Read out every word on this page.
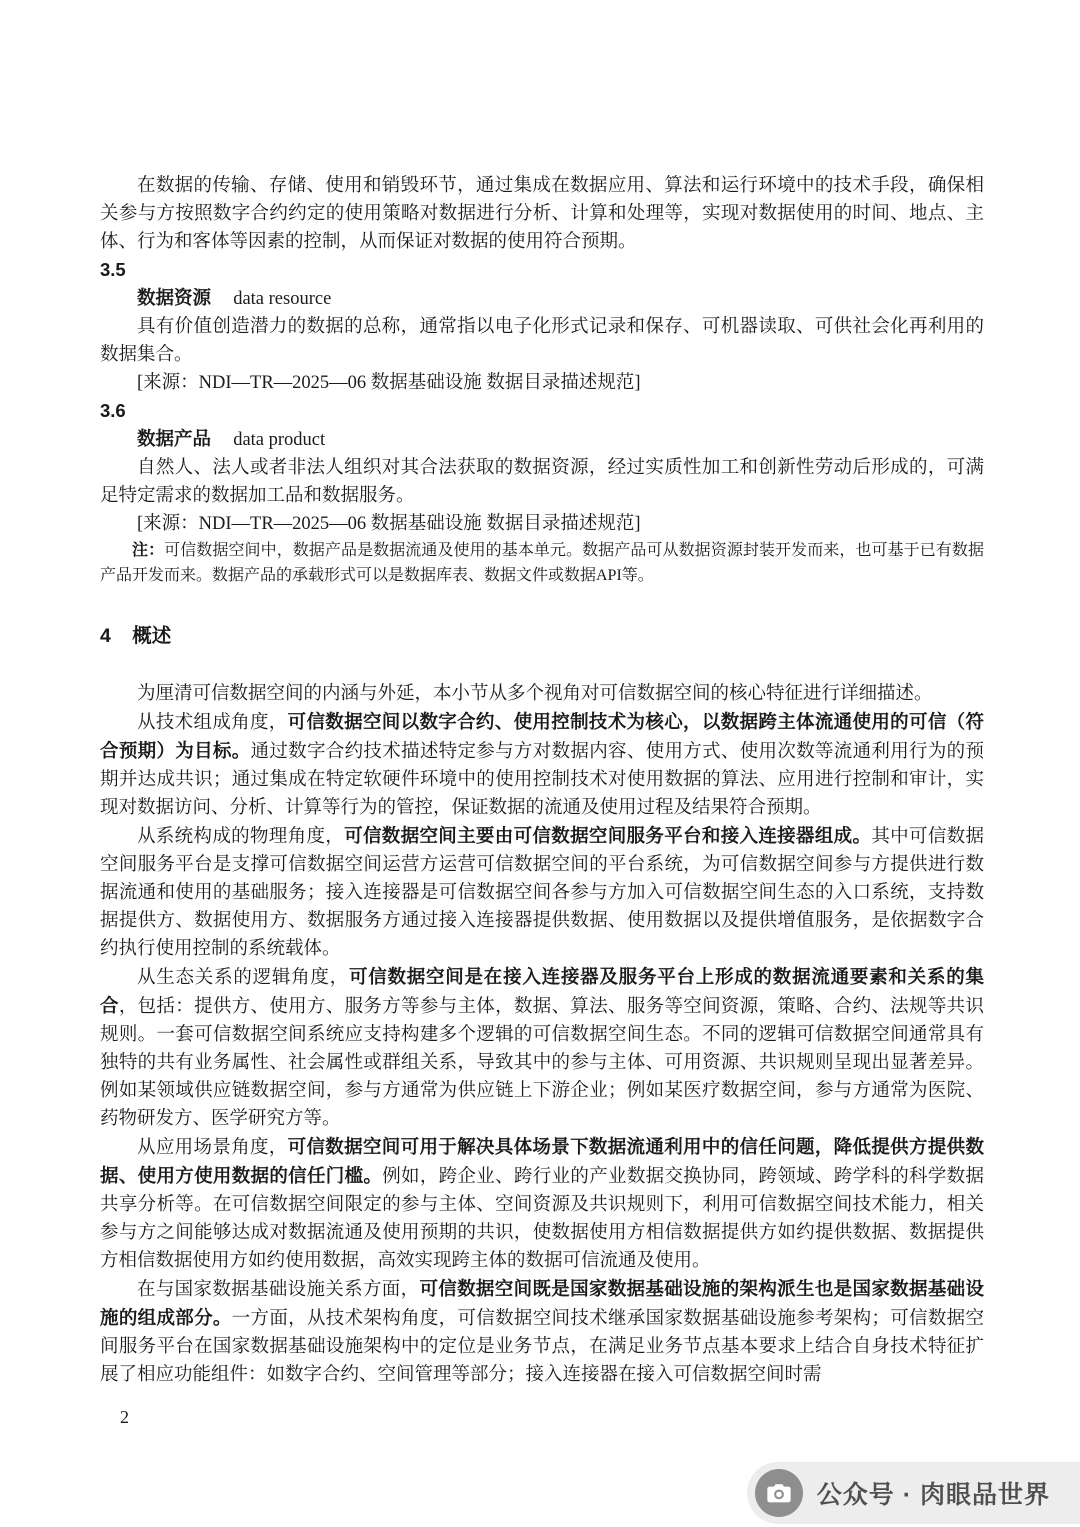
在数据的传输、存储、使用和销毁环节，通过集成在数据应用、算法和运行环境中的技术手段，确保相关参与方按照数字合约约定的使用策略对数据进行分析、计算和处理等，实现对数据使用的时间、地点、主体、行为和客体等因素的控制，从而保证对数据的使用符合预期。

3.5
数据资源 data resource

具有价值创造潜力的数据的总称，通常指以电子化形式记录和保存、可机器读取、可供社会化再利用的数据集合。

[来源：NDI—TR—2025—06 数据基础设施 数据目录描述规范]
3.6
数据产品 data product

自然人、法人或者非法人组织对其合法获取的数据资源，经过实质性加工和创新性劳动后形成的，可满足特定需求的数据加工品和数据服务。

[来源：NDI—TR—2025—06 数据基础设施 数据目录描述规范]

注：可信数据空间中，数据产品是数据流通及使用的基本单元。数据产品可从数据资源封装开发而来，也可基于已有数据产品开发而来。数据产品的承载形式可以是数据库表、数据文件或数据API等。

4 概述

为厘清可信数据空间的内涵与外延，本小节从多个视角对可信数据空间的核心特征进行详细描述。

从技术组成角度，可信数据空间以数字合约、使用控制技术为核心，以数据跨主体流通使用的可信（符合预期）为目标。通过数字合约技术描述特定参与方对数据内容、使用方式、使用次数等流通利用行为的预期并达成共识；通过集成在特定软硬件环境中的使用控制技术对使用数据的算法、应用进行控制和审计，实现对数据访问、分析、计算等行为的管控，保证数据的流通及使用过程及结果符合预期。

从系统构成的物理角度，可信数据空间主要由可信数据空间服务平台和接入连接器组成。其中可信数据空间服务平台是支撑可信数据空间运营方运营可信数据空间的平台系统，为可信数据空间参与方提供进行数据流通和使用的基础服务；接入连接器是可信数据空间各参与方加入可信数据空间生态的入口系统，支持数据提供方、数据使用方、数据服务方通过接入连接器提供数据、使用数据以及提供增值服务，是依据数字合约执行使用控制的系统载体。

从生态关系的逻辑角度，可信数据空间是在接入连接器及服务平台上形成的数据流通要素和关系的集合，包括：提供方、使用方、服务方等参与主体，数据、算法、服务等空间资源，策略、合约、法规等共识规则。一套可信数据空间系统应支持构建多个逻辑的可信数据空间生态。不同的逻辑可信数据空间通常具有独特的共有业务属性、社会属性或群组关系，导致其中的参与主体、可用资源、共识规则呈现出显著差异。例如某领域供应链数据空间，参与方通常为供应链上下游企业；例如某医疗数据空间，参与方通常为医院、药物研发方、医学研究方等。

从应用场景角度，可信数据空间可用于解决具体场景下数据流通利用中的信任问题，降低提供方提供数据、使用方使用数据的信任门槛。例如，跨企业、跨行业的产业数据交换协同，跨领域、跨学科的科学数据共享分析等。在可信数据空间限定的参与主体、空间资源及共识规则下，利用可信数据空间技术能力，相关参与方之间能够达成对数据流通及使用预期的共识，使数据使用方相信数据提供方如约提供数据、数据提供方相信数据使用方如约使用数据，高效实现跨主体的数据可信流通及使用。

在与国家数据基础设施关系方面，可信数据空间既是国家数据基础设施的架构派生也是国家数据基础设施的组成部分。一方面，从技术架构角度，可信数据空间技术继承国家数据基础设施参考架构；可信数据空间服务平台在国家数据基础设施架构中的定位是业务节点，在满足业务节点基本要求上结合自身技术特征扩展了相应功能组件：如数字合约、空间管理等部分；接入连接器在接入可信数据空间时需

2
公众号 · 肉眼品世界
